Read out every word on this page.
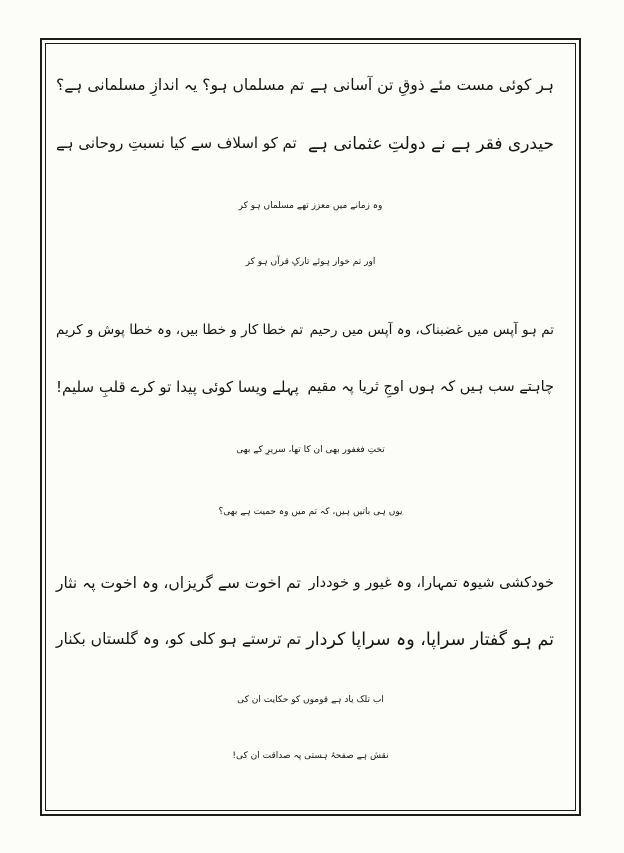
ہر کوئی مست مئے ذوقِ تن آسانی ہے
تم مسلماں ہو؟ یہ اندازِ مسلمانی ہے؟
حیدری فقر ہے نے دولتِ عثمانی ہے
تم کو اسلاف سے کیا نسبتِ روحانی ہے
وہ زمانے میں معزز تھے مسلماں ہو کر
اور تم خوار ہوئے تارکِ قرآں ہو کر
تم ہو آپس میں غضبناک، وہ آپس میں رحیم
تم خطا کار و خطا بیں، وہ خطا پوش و کریم
چاہتے سب ہیں کہ ہوں اوجِ ثریا پہ مقیم
پہلے ویسا کوئی پیدا تو کرے قلبِ سلیم!
تختِ فغفور بھی ان کا تھا، سریرِ کے بھی
یوں ہی باتیں ہیں، کہ تم میں وہ حمیت ہے بھی؟
خودکشی شیوہ تمہارا، وہ غیور و خوددار
تم اخوت سے گریزاں، وہ اخوت پہ نثار
تم ہو گفتار سراپا، وہ سراپا کردار
تم ترستے ہو کلی کو، وہ گلستاں بکنار
اب تلک یاد ہے قوموں کو حکایت ان کی
نقش ہے صفحۂ ہستی پہ صداقت ان کی!
